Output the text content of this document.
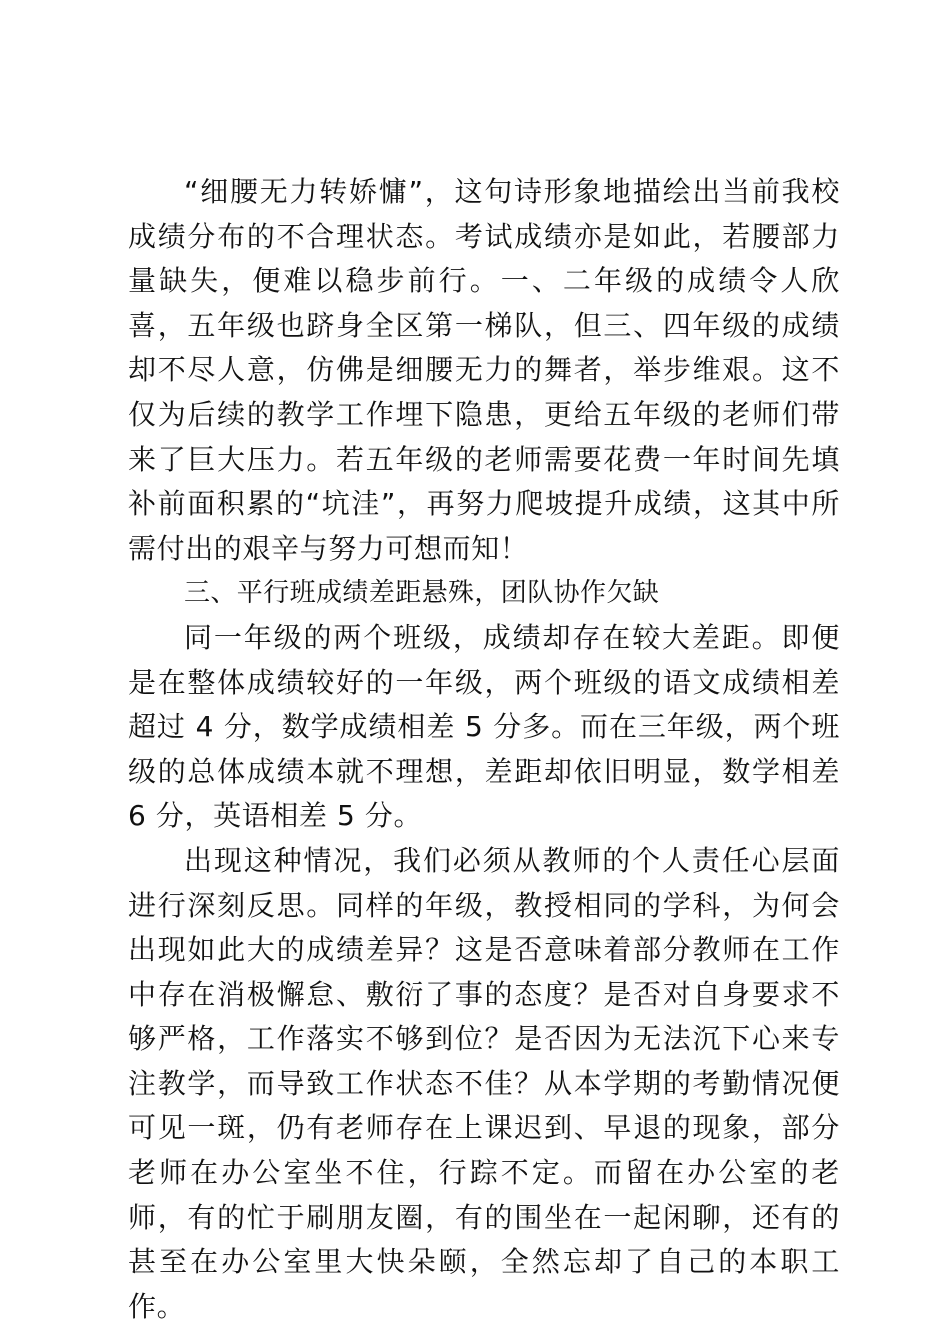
“细腰无力转娇慵”，这句诗形象地描绘出当前我校成绩分布的不合理状态。考试成绩亦是如此，若腰部力量缺失，便难以稳步前行。一、二年级的成绩令人欣喜，五年级也跻身全区第一梯队，但三、四年级的成绩却不尽人意，仿佛是细腰无力的舞者，举步维艰。这不仅为后续的教学工作埋下隐患，更给五年级的老师们带来了巨大压力。若五年级的老师需要花费一年时间先填补前面积累的“坑洼”，再努力爬坡提升成绩，这其中所需付出的艰辛与努力可想而知！

三、平行班成绩差距悬殊，团队协作欠缺

同一年级的两个班级，成绩却存在较大差距。即便是在整体成绩较好的一年级，两个班级的语文成绩相差超过 4 分，数学成绩相差 5 分多。而在三年级，两个班级的总体成绩本就不理想，差距却依旧明显，数学相差 6 分，英语相差 5 分。

出现这种情况，我们必须从教师的个人责任心层面进行深刻反思。同样的年级，教授相同的学科，为何会出现如此大的成绩差异？这是否意味着部分教师在工作中存在消极懈怠、敷衍了事的态度？是否对自身要求不够严格，工作落实不够到位？是否因为无法沉下心来专注教学，而导致工作状态不佳？从本学期的考勤情况便可见一斑，仍有老师存在上课迟到、早退的现象，部分老师在办公室坐不住，行踪不定。而留在办公室的老师，有的忙于刷朋友圈，有的围坐在一起闲聊，还有的甚至在办公室里大快朵颐，全然忘却了自己的本职工作。
